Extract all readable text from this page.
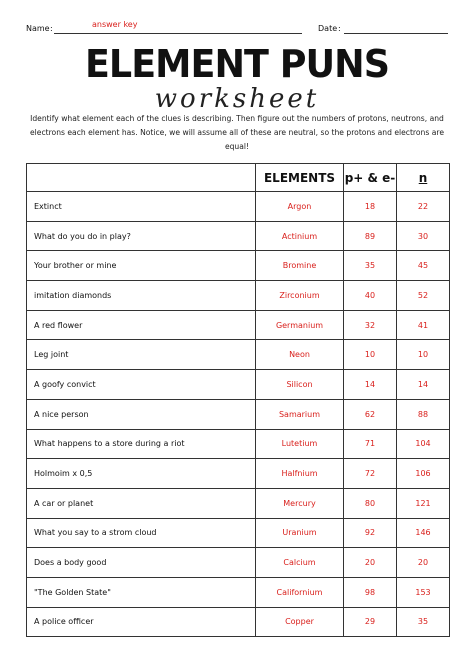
Name :	answer key	Date :
ELEMENT PUNS
worksheet
Identify what element each of the clues is describing. Then figure out the numbers of protons, neutrons, and electrons each element has. Notice, we will assume all of these are neutral, so the protons and electrons are equal!
	ELEMENTS	p+ & e-	n
Extinct	Argon	18	22
What do you do in play?	Actinium	89	30
Your brother or mine	Bromine	35	45
imitation diamonds	Zirconium	40	52
A red flower	Germanium	32	41
Leg joint	Neon	10	10
A goofy convict	Silicon	14	14
A nice person	Samarium	62	88
What happens to a store during a riot	Lutetium	71	104
Holmoim x 0,5	Halfnium	72	106
A car or planet	Mercury	80	121
What you say to a strom cloud	Uranium	92	146
Does a body good	Calcium	20	20
"The Golden State"	Californium	98	153
A police officer	Copper	29	35
